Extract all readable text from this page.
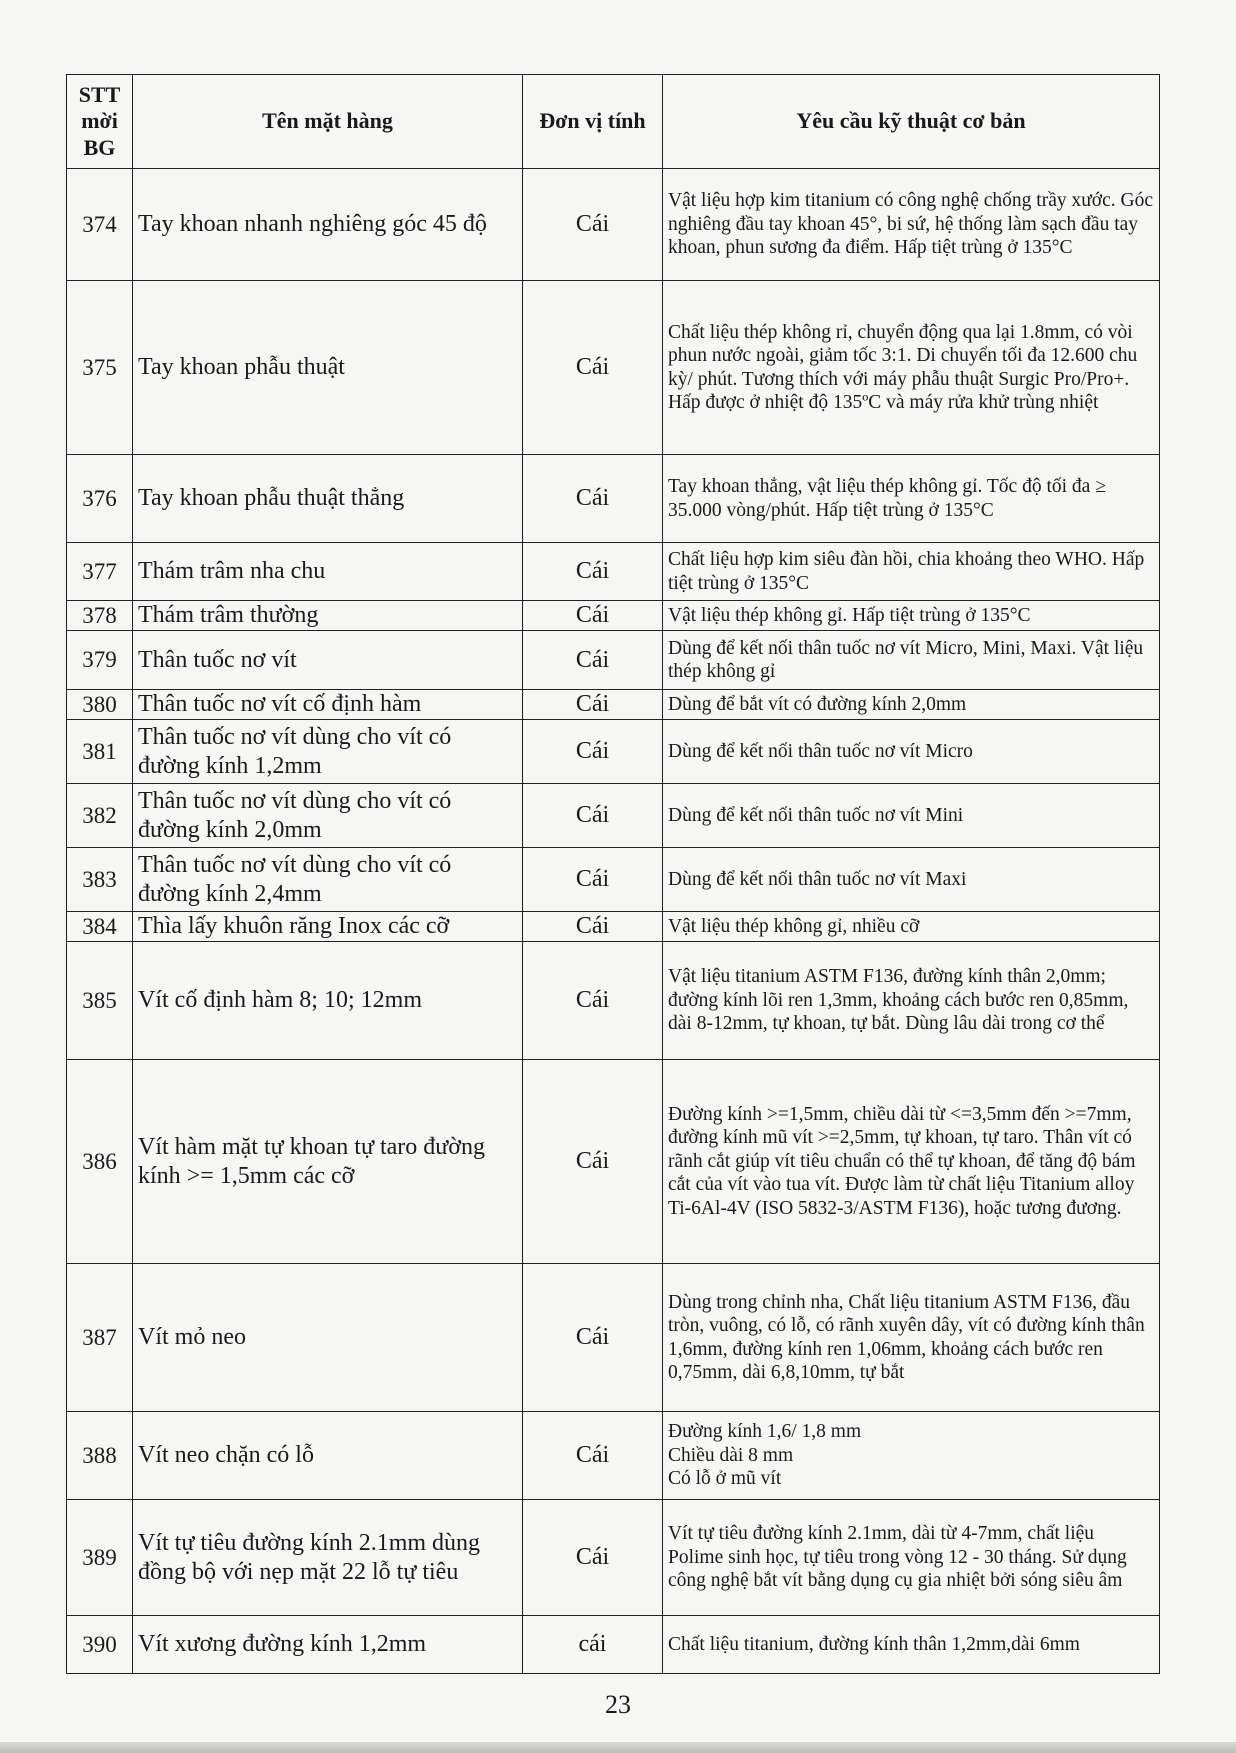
STT
mời
BG	Tên mặt hàng	Đơn vị tính	Yêu cầu kỹ thuật cơ bản
374	Tay khoan nhanh nghiêng góc 45 độ	Cái	Vật liệu hợp kim titanium có công nghệ chống trầy xước. Góc nghiêng đầu tay khoan 45°, bi sứ, hệ thống làm sạch đầu tay khoan, phun sương đa điểm. Hấp tiệt trùng ở 135°C
375	Tay khoan phẫu thuật	Cái	Chất liệu thép không rỉ, chuyển động qua lại 1.8mm, có vòi phun nước ngoài, giảm tốc 3:1. Di chuyển tối đa 12.600 chu kỳ/ phút. Tương thích với máy phẫu thuật Surgic Pro/Pro+. Hấp được ở nhiệt độ 135ºC và máy rửa khử trùng nhiệt
376	Tay khoan phẫu thuật thẳng	Cái	Tay khoan thẳng, vật liệu thép không gỉ. Tốc độ tối đa ≥ 35.000 vòng/phút. Hấp tiệt trùng ở 135°C
377	Thám trâm nha chu	Cái	Chất liệu hợp kim siêu đàn hồi, chia khoảng theo WHO. Hấp tiệt trùng ở 135°C
378	Thám trâm thường	Cái	Vật liệu thép không gỉ. Hấp tiệt trùng ở 135°C
379	Thân tuốc nơ vít	Cái	Dùng để kết nối thân tuốc nơ vít Micro, Mini, Maxi. Vật liệu thép không gỉ
380	Thân tuốc nơ vít cố định hàm	Cái	Dùng để bắt vít có đường kính 2,0mm
381	Thân tuốc nơ vít dùng cho vít có đường kính 1,2mm	Cái	Dùng để kết nối thân tuốc nơ vít Micro
382	Thân tuốc nơ vít dùng cho vít có đường kính 2,0mm	Cái	Dùng để kết nối thân tuốc nơ vít Mini
383	Thân tuốc nơ vít dùng cho vít có đường kính 2,4mm	Cái	Dùng để kết nối thân tuốc nơ vít Maxi
384	Thìa lấy khuôn răng Inox các cỡ	Cái	Vật liệu thép không gỉ, nhiều cỡ
385	Vít cố định hàm 8; 10; 12mm	Cái	Vật liệu titanium ASTM F136, đường kính thân 2,0mm; đường kính lõi ren 1,3mm, khoảng cách bước ren 0,85mm, dài 8-12mm, tự khoan, tự bắt. Dùng lâu dài trong cơ thể
386	Vít hàm mặt tự khoan tự taro đường kính >= 1,5mm các cỡ	Cái	Đường kính >=1,5mm, chiều dài từ <=3,5mm đến >=7mm, đường kính mũ vít >=2,5mm, tự khoan, tự taro. Thân vít có rãnh cắt giúp vít tiêu chuẩn có thể tự khoan, để tăng độ bám cắt của vít vào tua vít. Được làm từ chất liệu Titanium alloy Ti-6Al-4V (ISO 5832-3/ASTM F136), hoặc tương đương.
387	Vít mỏ neo	Cái	Dùng trong chỉnh nha, Chất liệu titanium ASTM F136, đầu tròn, vuông, có lỗ, có rãnh xuyên dây, vít có đường kính thân 1,6mm, đường kính ren 1,06mm, khoảng cách bước ren 0,75mm, dài 6,8,10mm, tự bắt
388	Vít neo chặn có lỗ	Cái	Đường kính 1,6/ 1,8 mm
Chiều dài 8 mm
Có lỗ ở mũ vít
389	Vít tự tiêu đường kính 2.1mm dùng đồng bộ với nẹp mặt 22 lỗ tự tiêu	Cái	Vít tự tiêu đường kính 2.1mm, dài từ 4-7mm, chất liệu Polime sinh học, tự tiêu trong vòng 12 - 30 tháng. Sử dụng công nghệ bắt vít bằng dụng cụ gia nhiệt bởi sóng siêu âm
390	Vít xương đường kính 1,2mm	cái	Chất liệu titanium, đường kính thân 1,2mm,dài 6mm
23
